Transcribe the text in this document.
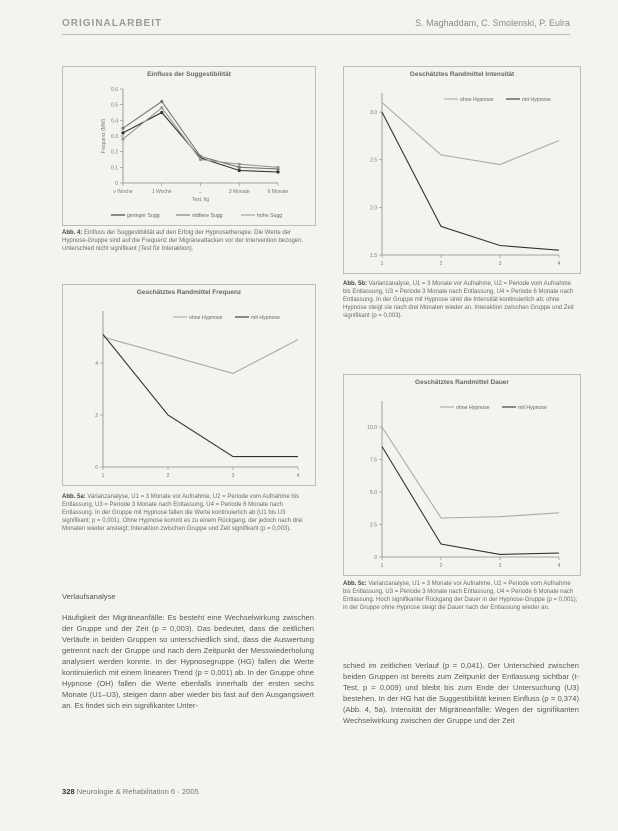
ORIGINALARBEIT	S. Maghaddam, C. Smolenski, P. Eulra
Einfluss der Suggestibilität
0
0.1
0.2
0.3
0.4
0.5
0.6
v Woche	1 Woche	...	3 Monate	6 Monate
geringer Sugg	mittlere Sugg	hohe Sugg
Frequenz (MW)
Test, fig
Geschätztes Randmittel Intensität
1.5
2.0
2.5
3.0
1	2	3	4
ohne Hypnose	mit Hypnose
Abb. 4: Einfluss der Suggestibilität auf den Erfolg der Hypnosetherapie. Die Werte der Hypnose-Gruppe sind auf die Frequenz der Migräneattacken vor der Intervention bezogen. Unterschied nicht signifikant (Test für Interaktion).
Abb. 5b: Varianzanalyse, U1 = 3 Monate vor Aufnahme, U2 = Periode vom Aufnahme bis Entlassung, U3 = Periode 3 Monate nach Entlassung, U4 = Periode 6 Monate nach Entlassung. In der Gruppe mit Hypnose sinkt die Intensität kontinuierlich ab; ohne Hypnose steigt sie nach drei Monaten wieder an. Interaktion zwischen Gruppe und Zeit signifikant (p = 0,003).
Geschätztes Randmittel Frequenz
0
2
4
1	2	3	4
ohne Hypnose	mit Hypnose
Geschätztes Randmittel Dauer
0
2.5
5.0
7.5
10.0
1	2	3	4
ohne Hypnose	mit Hypnose
Abb. 5a: Varianzanalyse, U1 = 3 Monate vor Aufnahme, U2 = Periode vom Aufnahme bis Entlassung, U3 = Periode 3 Monate nach Entlassung, U4 = Periode 6 Monate nach Entlassung. In der Gruppe mit Hypnose fallen die Werte kontinuierlich ab (U1 bis U3 signifikant; p = 0,001). Ohne Hypnose kommt es zu einem Rückgang, der jedoch nach drei Monaten wieder ansteigt; Interaktion zwischen Gruppe und Zeit signifikant (p = 0,003).
Abb. 5c: Varianzanalyse, U1 = 3 Monate vor Aufnahme, U2 = Periode vom Aufnahme bis Entlassung, U3 = Periode 3 Monate nach Entlassung, U4 = Periode 6 Monate nach Entlassung. Hoch signifikanter Rückgang der Dauer in der Hypnose-Gruppe (p = 0,001); in der Gruppe ohne Hypnose steigt die Dauer nach der Entlassung wieder an.
Verlaufsanalyse
Häufigkeit der Migräneanfälle: Es besteht eine Wechselwirkung zwischen der Gruppe und der Zeit (p = 0,003). Das bedeutet, dass die zeitlichen Verläufe in beiden Gruppen so unterschiedlich sind, dass die Auswertung getrennt nach der Gruppe und nach dem Zeitpunkt der Messwiederholung analysiert werden konnte. In der Hypnosegruppe (HG) fallen die Werte kontinuierlich mit einem linearen Trend (p = 0,001) ab. In der Gruppe ohne Hypnose (OH) fallen die Werte ebenfalls innerhalb der ersten sechs Monate (U1–U3), steigen dann aber wieder bis fast auf den Ausgangswert an. Es findet sich ein signifikanter Unter-
schied im zeitlichen Verlauf (p = 0,041). Der Unterschied zwischen beiden Gruppen ist bereits zum Zeitpunkt der Entlassung sichtbar (t-Test, p = 0,009) und bleibt bis zum Ende der Untersuchung (U3) bestehen. In der HG hat die Suggestibilität keinen Einfluss (p = 0,374) (Abb. 4, 5a). Intensität der Migräneanfälle: Wegen der signifikanten Wechselwirkung zwischen der Gruppe und der Zeit
328 Neurologie & Rehabilitation 6 · 2005
